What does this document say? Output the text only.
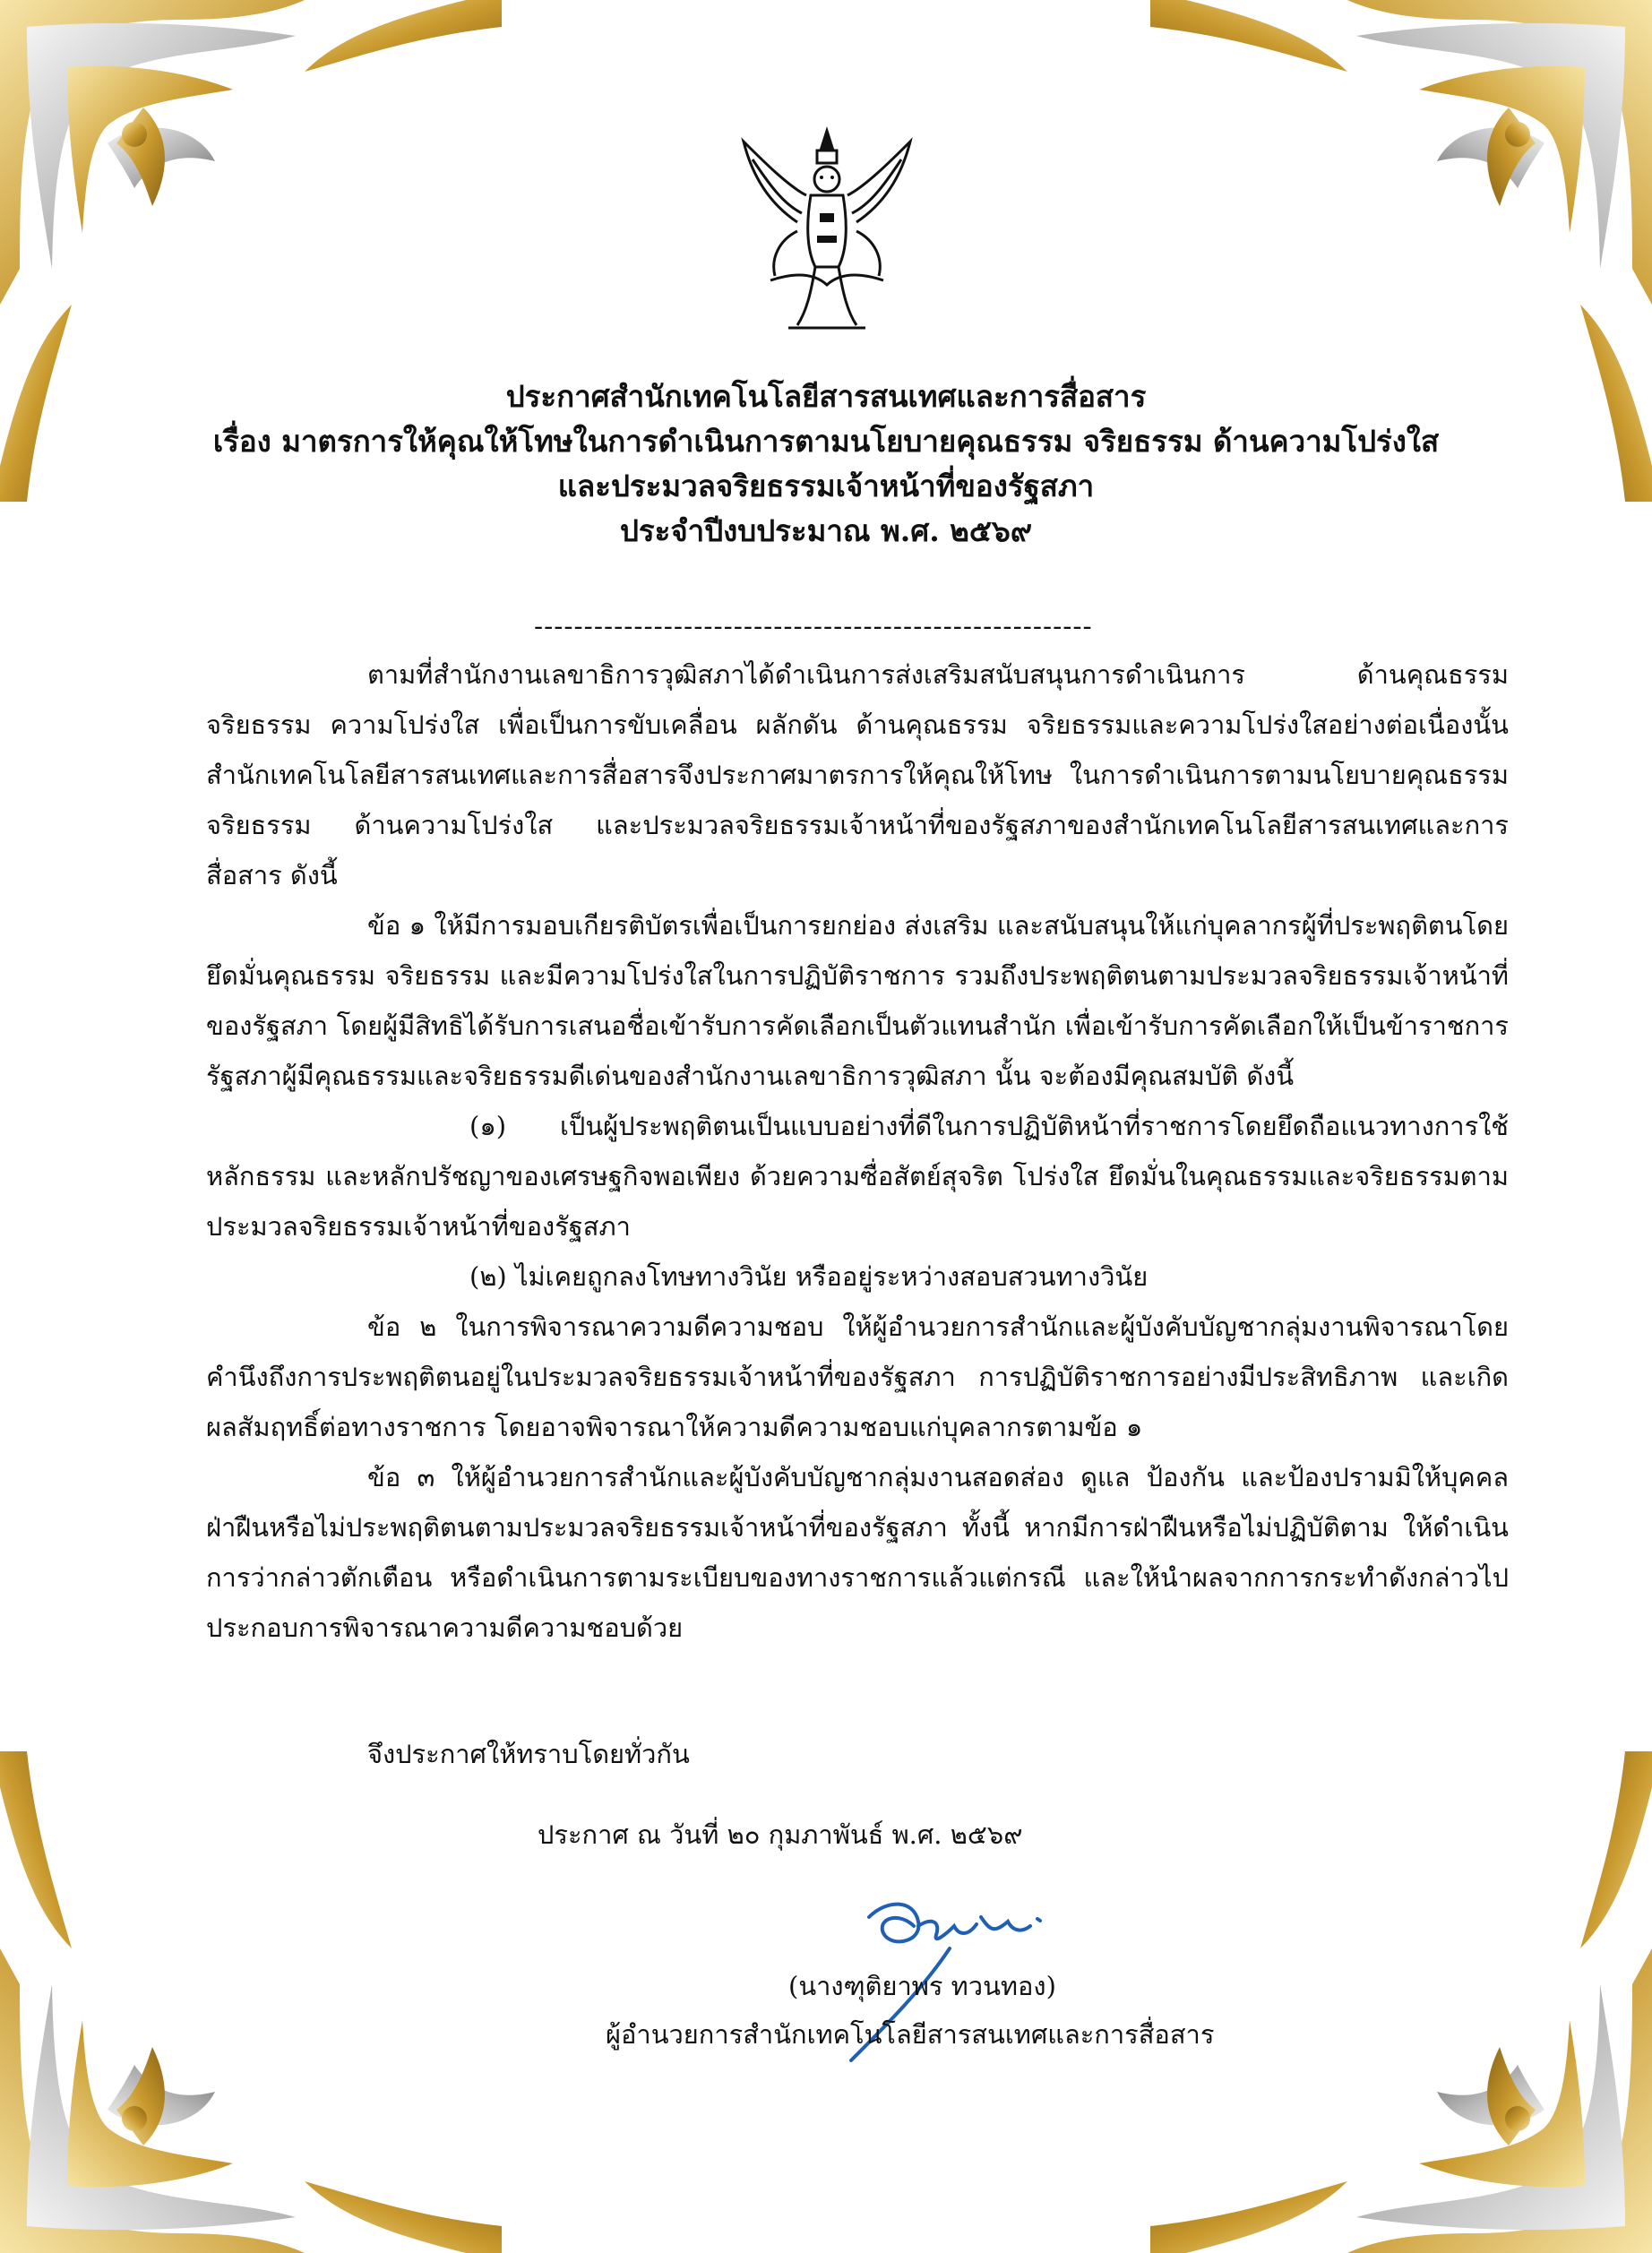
ประกาศสำนักเทคโนโลยีสารสนเทศและการสื่อสาร
เรื่อง มาตรการให้คุณให้โทษในการดำเนินการตามนโยบายคุณธรรม จริยธรรม ด้านความโปร่งใส
และประมวลจริยธรรมเจ้าหน้าที่ของรัฐสภา
ประจำปีงบประมาณ พ.ศ. ๒๕๖๙
--------------------------------------------------------

ตามที่สำนักงานเลขาธิการวุฒิสภาได้ดำเนินการส่งเสริมสนับสนุนการดำเนินการ ด้านคุณธรรม จริยธรรม ความโปร่งใส เพื่อเป็นการขับเคลื่อน ผลักดัน ด้านคุณธรรม จริยธรรมและความโปร่งใสอย่างต่อเนื่องนั้น สำนักเทคโนโลยีสารสนเทศและการสื่อสารจึงประกาศมาตรการให้คุณให้โทษ ในการดำเนินการตามนโยบายคุณธรรม จริยธรรม ด้านความโปร่งใส และประมวลจริยธรรมเจ้าหน้าที่ของรัฐสภาของสำนักเทคโนโลยีสารสนเทศและการสื่อสาร ดังนี้

ข้อ ๑ ให้มีการมอบเกียรติบัตรเพื่อเป็นการยกย่อง ส่งเสริม และสนับสนุนให้แก่บุคลากรผู้ที่ประพฤติตนโดยยึดมั่นคุณธรรม จริยธรรม และมีความโปร่งใสในการปฏิบัติราชการ รวมถึงประพฤติตนตามประมวลจริยธรรมเจ้าหน้าที่ของรัฐสภา โดยผู้มีสิทธิได้รับการเสนอชื่อเข้ารับการคัดเลือกเป็นตัวแทนสำนัก เพื่อเข้ารับการคัดเลือกให้เป็นข้าราชการรัฐสภาผู้มีคุณธรรมและจริยธรรมดีเด่นของสำนักงานเลขาธิการวุฒิสภา นั้น จะต้องมีคุณสมบัติ ดังนี้

(๑) เป็นผู้ประพฤติตนเป็นแบบอย่างที่ดีในการปฏิบัติหน้าที่ราชการโดยยึดถือแนวทางการใช้หลักธรรม และหลักปรัชญาของเศรษฐกิจพอเพียง ด้วยความซื่อสัตย์สุจริต โปร่งใส ยึดมั่นในคุณธรรมและจริยธรรมตามประมวลจริยธรรมเจ้าหน้าที่ของรัฐสภา

(๒) ไม่เคยถูกลงโทษทางวินัย หรืออยู่ระหว่างสอบสวนทางวินัย

ข้อ ๒ ในการพิจารณาความดีความชอบ ให้ผู้อำนวยการสำนักและผู้บังคับบัญชากลุ่มงานพิจารณาโดยคำนึงถึงการประพฤติตนอยู่ในประมวลจริยธรรมเจ้าหน้าที่ของรัฐสภา การปฏิบัติราชการอย่างมีประสิทธิภาพ และเกิดผลสัมฤทธิ์ต่อทางราชการ โดยอาจพิจารณาให้ความดีความชอบแก่บุคลากรตามข้อ ๑

ข้อ ๓ ให้ผู้อำนวยการสำนักและผู้บังคับบัญชากลุ่มงานสอดส่อง ดูแล ป้องกัน และป้องปรามมิให้บุคคลฝ่าฝืนหรือไม่ประพฤติตนตามประมวลจริยธรรมเจ้าหน้าที่ของรัฐสภา ทั้งนี้ หากมีการฝ่าฝืนหรือไม่ปฏิบัติตาม ให้ดำเนินการว่ากล่าวตักเตือน หรือดำเนินการตามระเบียบของทางราชการแล้วแต่กรณี และให้นำผลจากการกระทำดังกล่าวไปประกอบการพิจารณาความดีความชอบด้วย

จึงประกาศให้ทราบโดยทั่วกัน
ประกาศ ณ วันที่ ๒๐ กุมภาพันธ์ พ.ศ. ๒๕๖๙
(นางฑุติยาพร ทวนทอง)
ผู้อำนวยการสำนักเทคโนโลยีสารสนเทศและการสื่อสาร
